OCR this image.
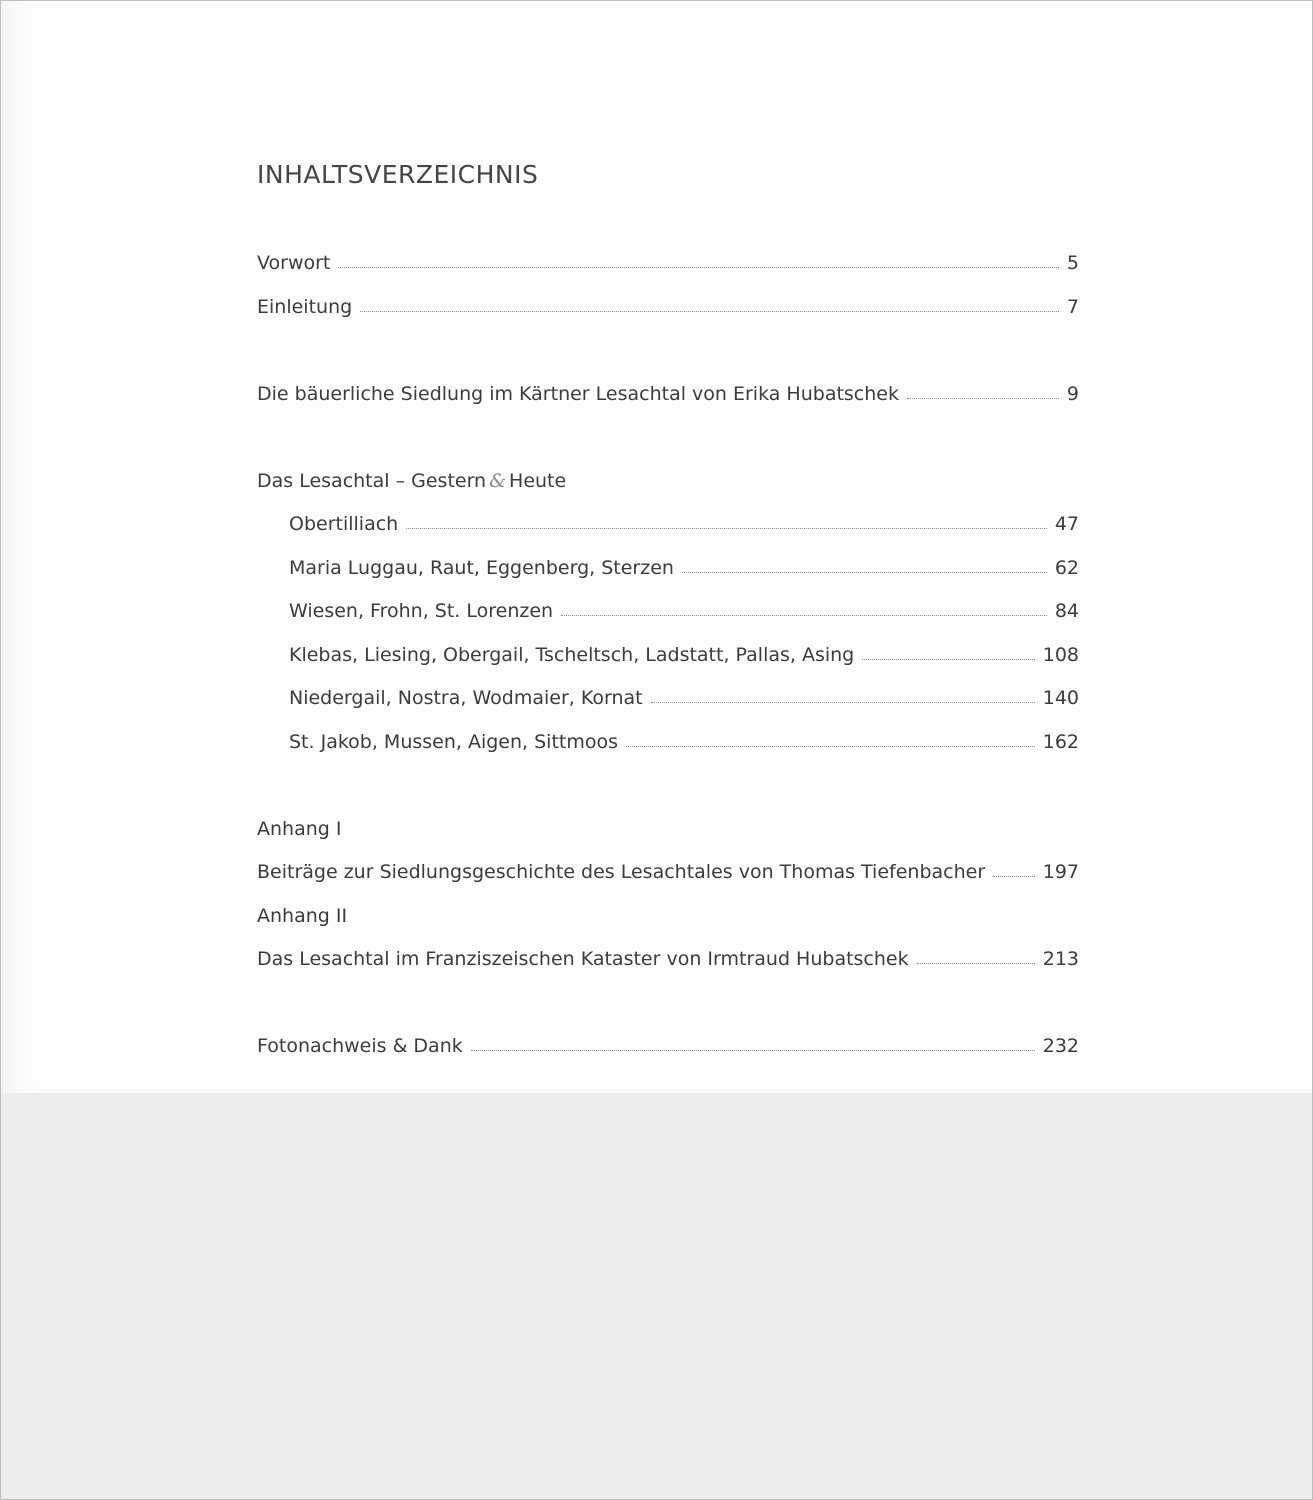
INHALTSVERZEICHNIS
Vorwort	5
Einleitung	7
Die bäuerliche Siedlung im Kärtner Lesachtal von Erika Hubatschek	9
Das Lesachtal – Gestern & Heute
Obertilliach	47
Maria Luggau, Raut, Eggenberg, Sterzen	62
Wiesen, Frohn, St. Lorenzen	84
Klebas, Liesing, Obergail, Tscheltsch, Ladstatt, Pallas, Asing	108
Niedergail, Nostra, Wodmaier, Kornat	140
St. Jakob, Mussen, Aigen, Sittmoos	162
Anhang I
Beiträge zur Siedlungsgeschichte des Lesachtales von Thomas Tiefenbacher	197
Anhang II
Das Lesachtal im Franziszeischen Kataster von Irmtraud Hubatschek	213
Fotonachweis & Dank	232
